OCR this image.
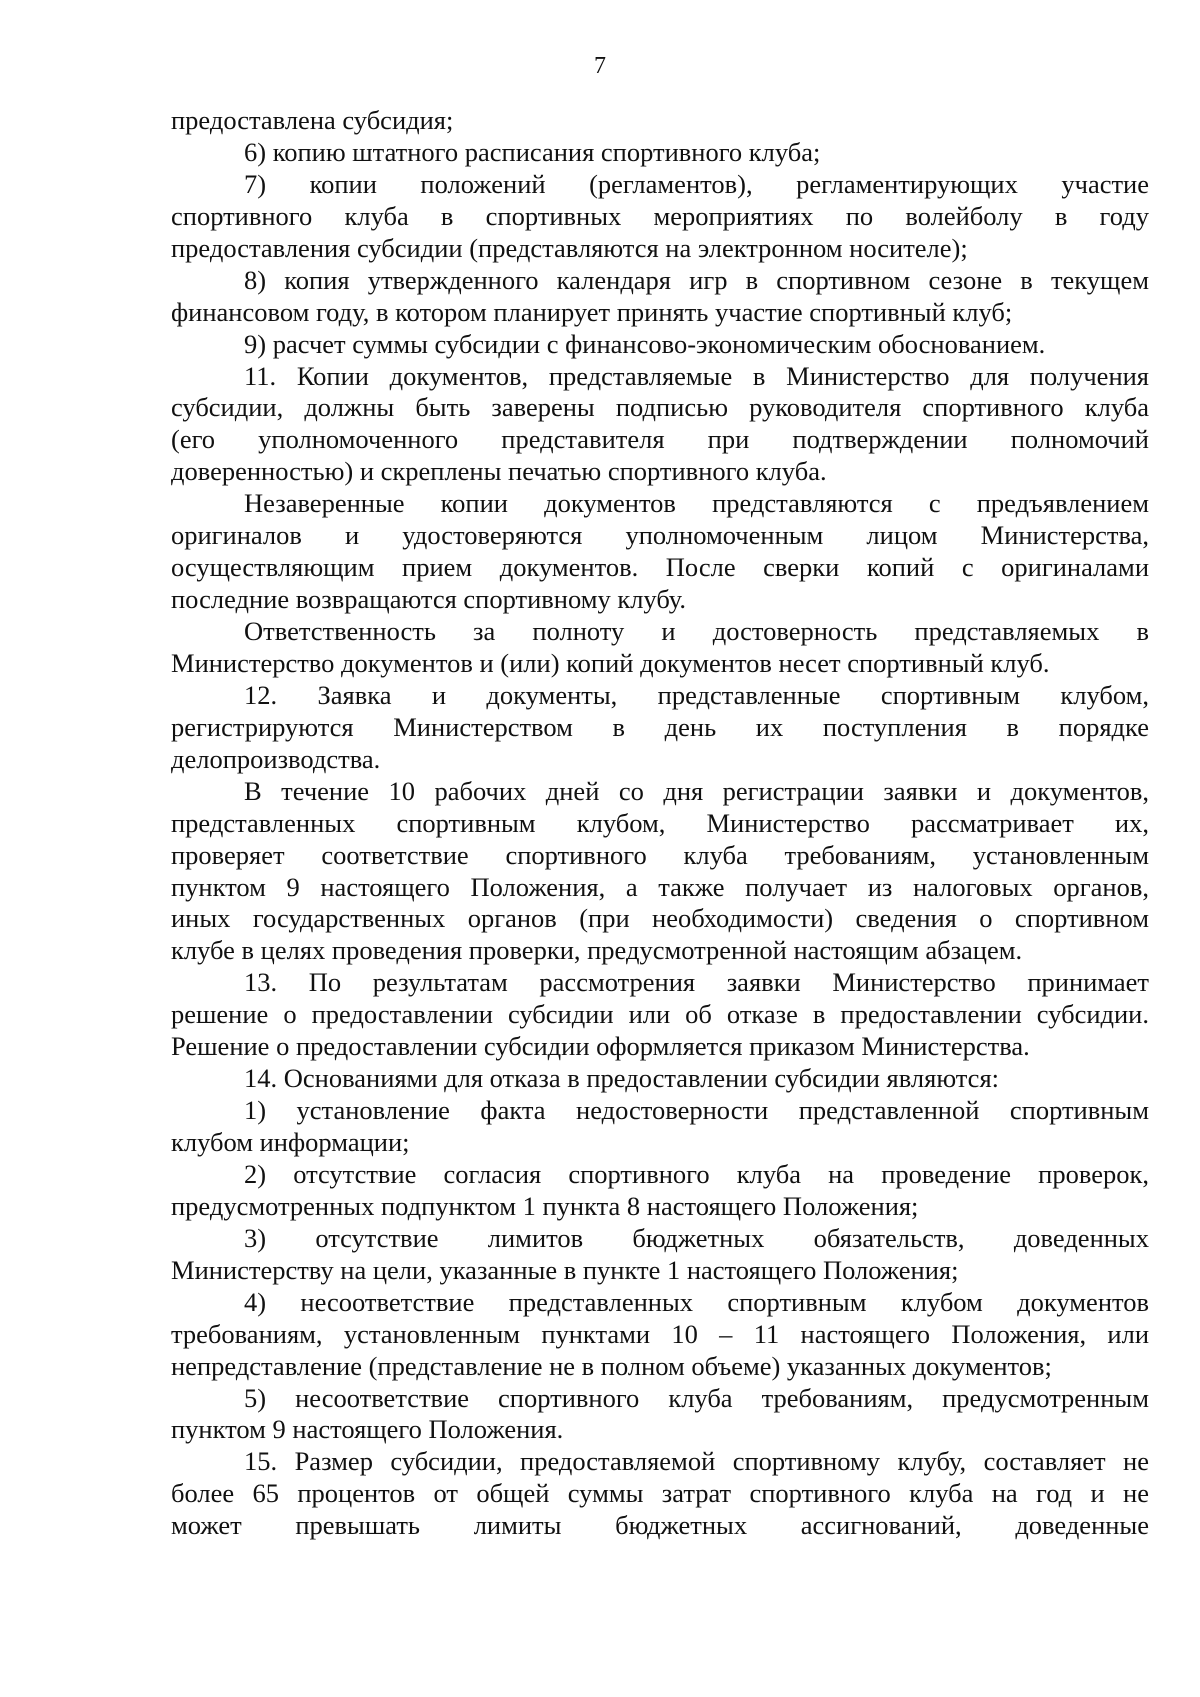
7
предоставлена субсидия;
6) копию штатного расписания спортивного клуба;
7) копии положений (регламентов), регламентирующих участие
спортивного клуба в спортивных мероприятиях по волейболу в году
предоставления субсидии (представляются на электронном носителе);
8) копия утвержденного календаря игр в спортивном сезоне в текущем
финансовом году, в котором планирует принять участие спортивный клуб;
9) расчет суммы субсидии с финансово-экономическим обоснованием.
11. Копии документов, представляемые в Министерство для получения
субсидии, должны быть заверены подписью руководителя спортивного клуба
(его уполномоченного представителя при подтверждении полномочий
доверенностью) и скреплены печатью спортивного клуба.
Незаверенные копии документов представляются с предъявлением
оригиналов и удостоверяются уполномоченным лицом Министерства,
осуществляющим прием документов. После сверки копий с оригиналами
последние возвращаются спортивному клубу.
Ответственность за полноту и достоверность представляемых в
Министерство документов и (или) копий документов несет спортивный клуб.
12. Заявка и документы, представленные спортивным клубом,
регистрируются Министерством в день их поступления в порядке
делопроизводства.
В течение 10 рабочих дней со дня регистрации заявки и документов,
представленных спортивным клубом, Министерство рассматривает их,
проверяет соответствие спортивного клуба требованиям, установленным
пунктом 9 настоящего Положения, а также получает из налоговых органов,
иных государственных органов (при необходимости) сведения о спортивном
клубе в целях проведения проверки, предусмотренной настоящим абзацем.
13. По результатам рассмотрения заявки Министерство принимает
решение о предоставлении субсидии или об отказе в предоставлении субсидии.
Решение о предоставлении субсидии оформляется приказом Министерства.
14. Основаниями для отказа в предоставлении субсидии являются:
1) установление факта недостоверности представленной спортивным
клубом информации;
2) отсутствие согласия спортивного клуба на проведение проверок,
предусмотренных подпунктом 1 пункта 8 настоящего Положения;
3) отсутствие лимитов бюджетных обязательств, доведенных
Министерству на цели, указанные в пункте 1 настоящего Положения;
4) несоответствие представленных спортивным клубом документов
требованиям, установленным пунктами 10 – 11 настоящего Положения, или
непредставление (представление не в полном объеме) указанных документов;
5) несоответствие спортивного клуба требованиям, предусмотренным
пунктом 9 настоящего Положения.
15. Размер субсидии, предоставляемой спортивному клубу, составляет не
более 65 процентов от общей суммы затрат спортивного клуба на год и не
может превышать лимиты бюджетных ассигнований, доведенные
